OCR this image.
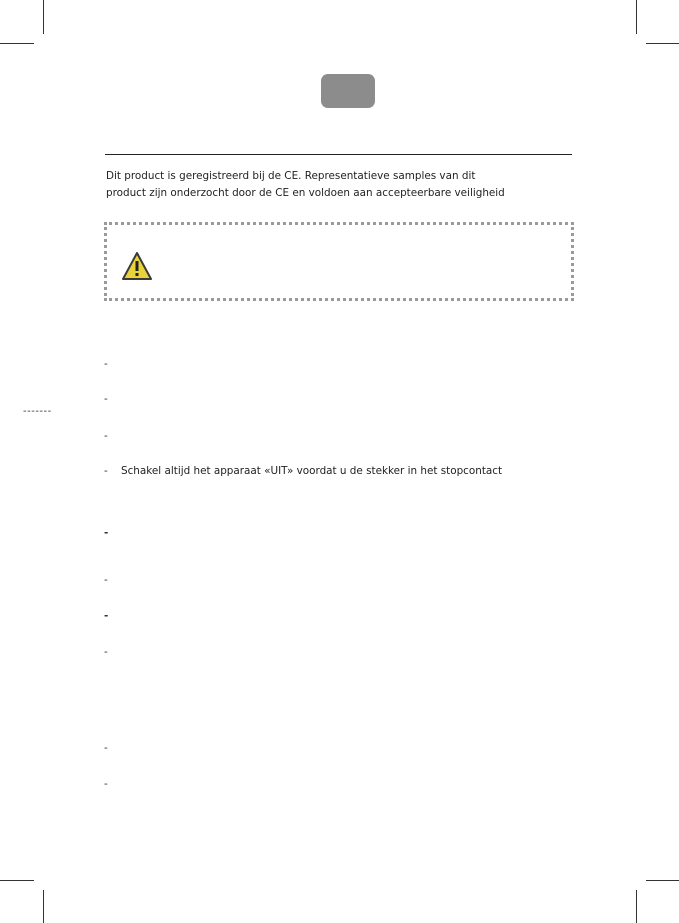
Dit product is geregistreerd bij de CE. Representatieve samples van dit
product zijn onderzocht door de CE en voldoen aan accepteerbare veiligheid
-------
-
-
-
- Schakel altijd het apparaat «UIT» voordat u de stekker in het stopcontact
-
-
-
-
-
-
